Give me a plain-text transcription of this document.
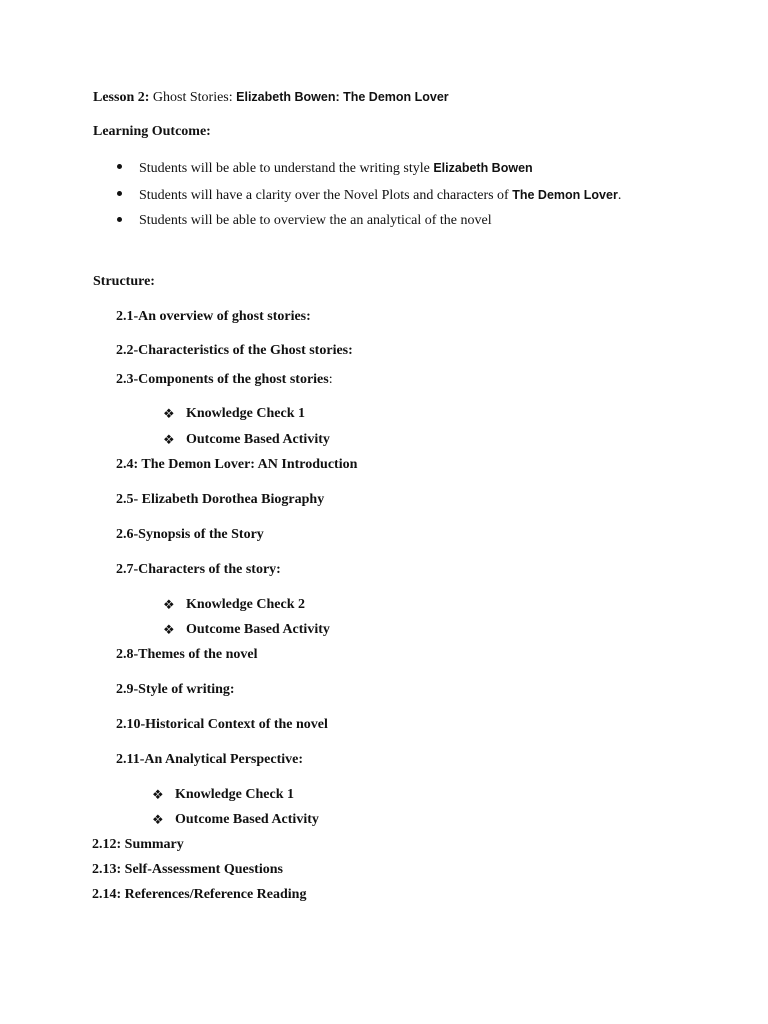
Lesson 2: Ghost Stories: Elizabeth Bowen: The Demon Lover
Learning Outcome:
Students will be able to understand the writing style Elizabeth Bowen
Students will have a clarity over the Novel Plots and characters of The Demon Lover.
Students will be able to overview the an analytical of the novel
Structure:
2.1-An overview of ghost stories:
2.2-Characteristics of the Ghost stories:
2.3-Components of the ghost stories:
❖ Knowledge Check 1
❖ Outcome Based Activity
2.4: The Demon Lover: AN Introduction
2.5- Elizabeth Dorothea Biography
2.6-Synopsis of the Story
2.7-Characters of the story:
❖ Knowledge Check 2
❖ Outcome Based Activity
2.8-Themes of the novel
2.9-Style of writing:
2.10-Historical Context of the novel
2.11-An Analytical Perspective:
❖ Knowledge Check 1
❖ Outcome Based Activity
2.12: Summary
2.13: Self-Assessment Questions
2.14: References/Reference Reading
